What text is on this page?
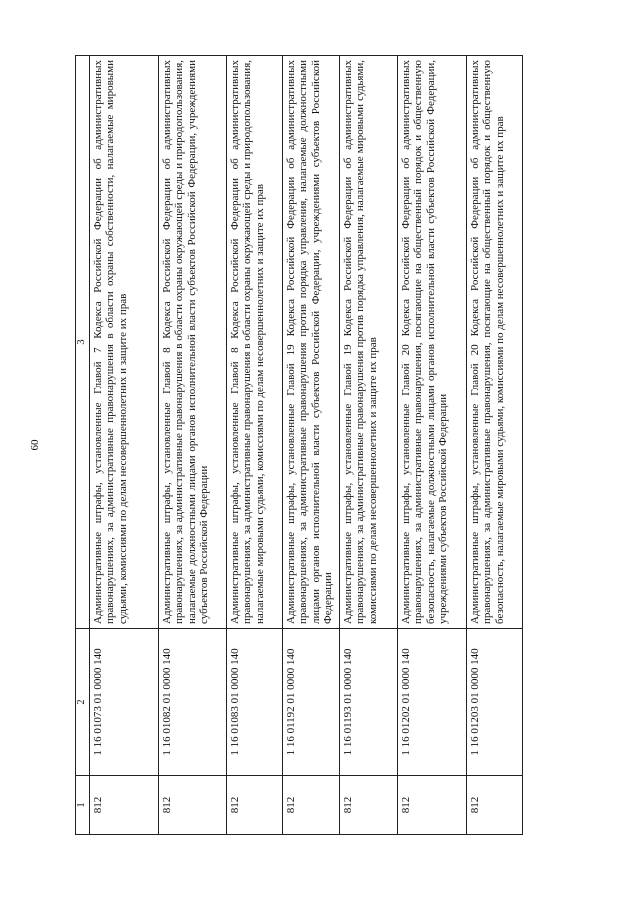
60
1	2	3
812	1 16 01073 01 0000 140	Административные штрафы, установленные Главой 7 Кодекса Российской Федерации об административных правонарушениях, за административные правонарушения в области охраны собственности, налагаемые мировыми судьями, комиссиями по делам несовершеннолетних и защите их прав
812	1 16 01082 01 0000 140	Административные штрафы, установленные Главой 8 Кодекса Российской Федерации об административных правонарушениях, за административные правонарушения в области охраны окружающей среды и природопользования, налагаемые должностными лицами органов исполнительной власти субъектов Российской Федерации, учреждениями субъектов Российской Федерации
812	1 16 01083 01 0000 140	Административные штрафы, установленные Главой 8 Кодекса Российской Федерации об административных правонарушениях, за административные правонарушения в области охраны окружающей среды и природопользования, налагаемые мировыми судьями, комиссиями по делам несовершеннолетних и защите их прав
812	1 16 01192 01 0000 140	Административные штрафы, установленные Главой 19 Кодекса Российской Федерации об административных правонарушениях, за административные правонарушения против порядка управления, налагаемые должностными лицами органов исполнительной власти субъектов Российской Федерации, учреждениями субъектов Российской Федерации
812	1 16 01193 01 0000 140	Административные штрафы, установленные Главой 19 Кодекса Российской Федерации об административных правонарушениях, за административные правонарушения против порядка управления, налагаемые мировыми судьями, комиссиями по делам несовершеннолетних и защите их прав
812	1 16 01202 01 0000 140	Административные штрафы, установленные Главой 20 Кодекса Российской Федерации об административных правонарушениях, за административные правонарушения, посягающие на общественный порядок и общественную безопасность, налагаемые должностными лицами органов исполнительной власти субъектов Российской Федерации, учреждениями субъектов Российской Федерации
812	1 16 01203 01 0000 140	Административные штрафы, установленные Главой 20 Кодекса Российской Федерации об административных правонарушениях, за административные правонарушения, посягающие на общественный порядок и общественную безопасность, налагаемые мировыми судьями, комиссиями по делам несовершеннолетних и защите их прав
